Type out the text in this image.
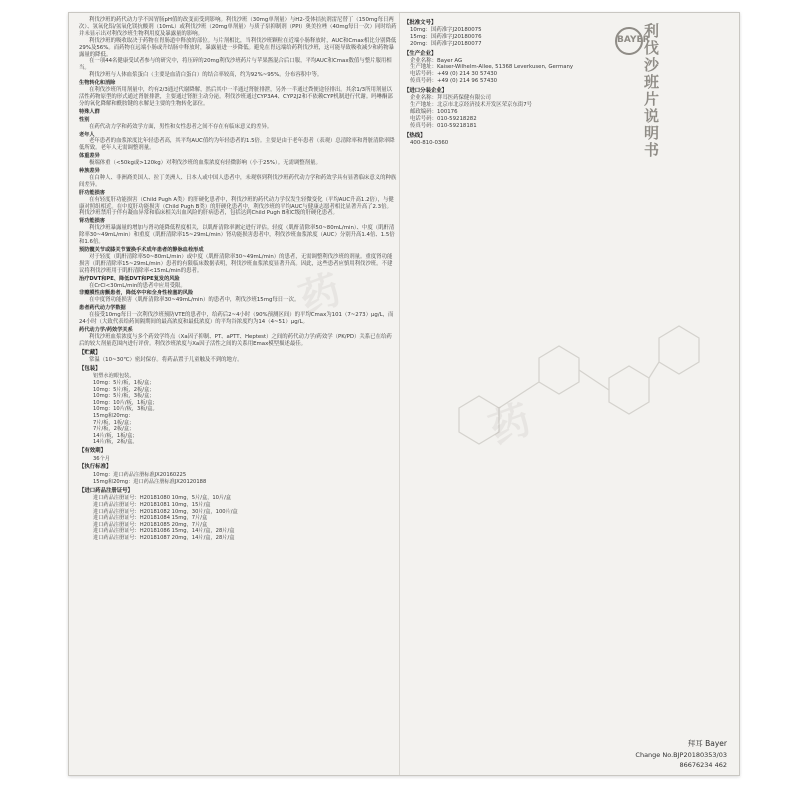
利伐沙班的药代动力学不因胃肠pH值的改变而受到影响。利伐沙班（30mg单剂量）与H2-受体拮抗剂雷尼替丁（150mg每日两次）、氢氧化铝/氢氧化镁抗酸剂（10mL）或利伐沙班（20mg单剂量）与质子泵抑制剂（PPI）奥美拉唑（40mg每日一次）同时给药并未显示出对利伐沙班生物利用度及暴露量的影响。

利伐沙班的吸收取决于药物在胃肠道中释放的部位。与片剂相比，当利伐沙班颗粒在近端小肠释放时，AUC和Cmax相比分别降低29%及56%。而药物在远端小肠或升结肠中释放时，暴露量进一步降低。避免在胃远端给药利伐沙班，这可能导致吸收减少和药物暴露量的降低。

在一项44名健康受试者参与的研究中，将压碎的20mg利伐沙班药片与苹果酱混合后口服，平均AUC和Cmax数值与整片服用相当。

利伐沙班与人体血浆蛋白（主要是血清白蛋白）的结合率较高，约为92%~95%。分布容积中等。

生物转化和消除

在利伐沙班所用剂量中，约有2/3通过代谢降解，然后其中一半通过肾脏排泄，另外一半通过粪便途径排出。其余1/3所用剂量以活性药物原型的形式通过肾脏排泄，主要通过肾脏主动分泌。利伐沙班通过CYP3A4、CYP2J2和不依赖CYP机制进行代谢。吗啉酮部分的氧化降解和酰胺键的水解是主要的生物转化部位。

特殊人群
性别

在药代动力学和药效学方面，男性和女性患者之间不存在有临床意义的差异。

老年人

老年患者的血浆浓度比年轻患者高，其平均AUC值约为年轻患者的1.5倍。主要是由于老年患者（表观）总清除率和肾脏清除率降低所致。老年人无需调整剂量。

体重差异

极端体重（<50kg或>120kg）对利伐沙班的血浆浓度有轻微影响（小于25%）。无需调整剂量。

种族差异

在白种人、非洲裔美国人、拉丁美洲人、日本人或中国人患者中，未观察到利伐沙班药代动力学和药效学具有显著临床意义的种族间差异。

肝功能损害

在有轻度肝功能损害（Child Pugh A类）的肝硬化患者中，利伐沙班的药代动力学仅发生轻微变化（平均AUC升高1.2倍），与健康对照组相近。在中度肝功能损害（Child Pugh B类）的肝硬化患者中，利伐沙班的平均AUC与健康志愿者相比显著升高了2.3倍。利伐沙班禁用于伴有凝血异常和临床相关出血风险的肝病患者，包括达到Child Pugh B和C级的肝硬化患者。

肾功能损害

利伐沙班暴露量的增加与肾功能降低程度相关，以肌酐清除率测定进行评估。轻度（肌酐清除率50~80mL/min）、中度（肌酐清除率30~49mL/min）和重度（肌酐清除率15~29mL/min）肾功能损害患者中，利伐沙班血浆浓度（AUC）分别升高1.4倍、1.5倍和1.6倍。

预防髋关节或膝关节置换手术成年患者的静脉血栓形成

对于轻度（肌酐清除率50~80mL/min）或中度（肌酐清除率30~49mL/min）的患者，无需调整利伐沙班的剂量。重度肾功能损害（肌酐清除率15~29mL/min）患者的有限临床数据表明，利伐沙班血浆浓度显著升高。因此，这些患者应慎用利伐沙班。不建议将利伐沙班用于肌酐清除率<15mL/min的患者。

治疗DVT和PE、降低DVT和PE复发的风险

在CrCl<30mL/min的患者中应用受限。

非瓣膜性房颤患者，降低卒中和全身性栓塞的风险

在中度肾功能损害（肌酐清除率30~49mL/min）的患者中，利伐沙班15mg每日一次。

患者药代动力学数据

在接受10mg每日一次利伐沙班预防VTE的患者中，给药后2~4小时（90%预测区间）的平均Cmax为101（7~273）μg/L，而24小时（大致代表给药间隔期间的最高浓度和最低浓度）的平均谷浓度约为14（4~51）μg/L。

药代动力学/药效学关系

利伐沙班血浆浓度与多个药效学终点（Xa因子抑制、PT、aPTT、Heptest）之间的药代动力学/药效学（PK/PD）关系已在给药后的较大剂量范围内进行评价。利伐沙班浓度与Xa因子活性之间的关系用Emax模型描述最佳。

【贮藏】

常温（10~30℃）密封保存。将药品置于儿童触及不到的地方。

【包装】
铝塑水泡眼包装。
10mg：5片/板，1板/盒；
10mg：5片/板，2板/盒；
10mg：5片/板，3板/盒；
10mg：10片/板，1板/盒；
10mg：10片/板，3板/盒。
15mg和20mg：
7片/板，1板/盒；
7片/板，2板/盒；
14片/板，1板/盒；
14片/板，2板/盒。
【有效期】
36个月
【执行标准】
10mg：进口药品注册标准JX20160225
15mg和20mg：进口药品注册标准JX20120188
【进口药品注册证号】
进口药品注册证号：H20181080 10mg，5片/盒，10片/盒
进口药品注册证号：H20181081 10mg，15片/盒
进口药品注册证号：H20181082 10mg，30片/盒，100片/盒
进口药品注册证号：H20181084 15mg，7片/盒
进口药品注册证号：H20181085 20mg，7片/盒
进口药品注册证号：H20181086 15mg，14片/盒，28片/盒
进口药品注册证号：H20181087 20mg，14片/盒，28片/盒
【批准文号】
10mg：国药准字J20180075
15mg：国药准字J20180076
20mg：国药准字J20180077
【生产企业】
企业名称：Bayer AG
生产地址：Kaiser-Wilhelm-Allee, 51368 Leverkusen, Germany
电话号码：+49 (0) 214 30 57430
传真号码：+49 (0) 214 96 57430
【进口分装企业】
企业名称：拜耳医药保健有限公司
生产地址：北京市北京经济技术开发区荣京东街7号
邮政编码：100176
电话号码：010-59218282
传真号码：010-59218181
【热线】
400-810-0360
BAYER
利伐沙班片说明书
药
药
拜耳 Bayer
Change No.BJP20180353/03
86676234 462
